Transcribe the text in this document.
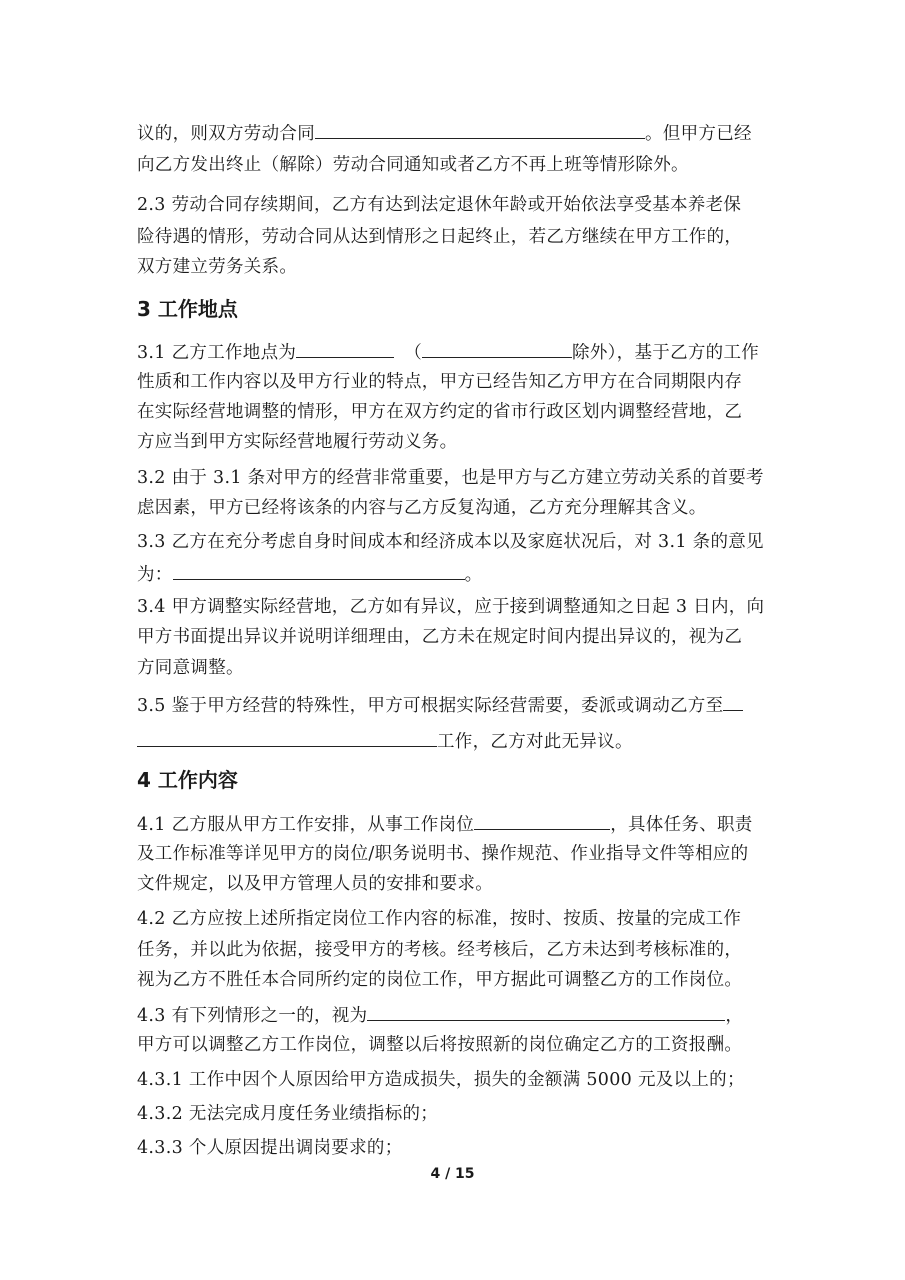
议的，则双方劳动合同	。但甲方已经
向乙方发出终止（解除）劳动合同通知或者乙方不再上班等情形除外。
2.3 劳动合同存续期间，乙方有达到法定退休年龄或开始依法享受基本养老保
险待遇的情形，劳动合同从达到情形之日起终止，若乙方继续在甲方工作的，
双方建立劳务关系。
3 工作地点
3.1 乙方工作地点为	（	除外），基于乙方的工作
性质和工作内容以及甲方行业的特点，甲方已经告知乙方甲方在合同期限内存
在实际经营地调整的情形，甲方在双方约定的省市行政区划内调整经营地，乙
方应当到甲方实际经营地履行劳动义务。
3.2 由于 3.1 条对甲方的经营非常重要，也是甲方与乙方建立劳动关系的首要考
虑因素，甲方已经将该条的内容与乙方反复沟通，乙方充分理解其含义。
3.3 乙方在充分考虑自身时间成本和经济成本以及家庭状况后，对 3.1 条的意见
为：	。
3.4 甲方调整实际经营地，乙方如有异议，应于接到调整通知之日起 3 日内，向
甲方书面提出异议并说明详细理由，乙方未在规定时间内提出异议的，视为乙
方同意调整。
3.5 鉴于甲方经营的特殊性，甲方可根据实际经营需要，委派或调动乙方至
工作，乙方对此无异议。
4 工作内容
4.1 乙方服从甲方工作安排，从事工作岗位	，具体任务、职责
及工作标准等详见甲方的岗位/职务说明书、操作规范、作业指导文件等相应的
文件规定，以及甲方管理人员的安排和要求。
4.2 乙方应按上述所指定岗位工作内容的标准，按时、按质、按量的完成工作
任务，并以此为依据，接受甲方的考核。经考核后，乙方未达到考核标准的，
视为乙方不胜任本合同所约定的岗位工作，甲方据此可调整乙方的工作岗位。
4.3 有下列情形之一的，视为	，
甲方可以调整乙方工作岗位，调整以后将按照新的岗位确定乙方的工资报酬。
4.3.1 工作中因个人原因给甲方造成损失，损失的金额满 5000 元及以上的；
4.3.2 无法完成月度任务业绩指标的；
4.3.3 个人原因提出调岗要求的；
4 / 15
